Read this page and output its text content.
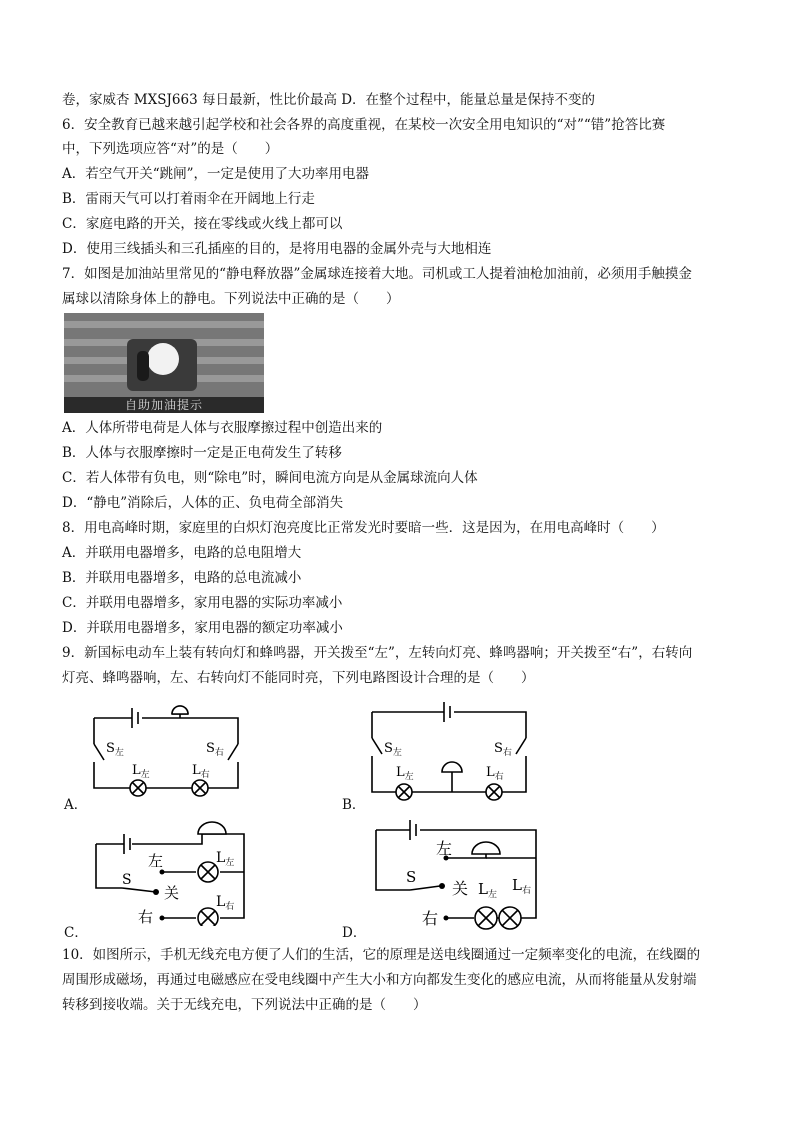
卷，家威杏 MXSJ663 每日最新，性比价最高 D．在整个过程中，能量总量是保持不变的
6．安全教育已越来越引起学校和社会各界的高度重视，在某校一次安全用电知识的“对”“错”抢答比赛
中，下列选项应答“对”的是（　　）
A．若空气开关“跳闸”，一定是使用了大功率用电器
B．雷雨天气可以打着雨伞在开阔地上行走
C．家庭电路的开关，接在零线或火线上都可以
D．使用三线插头和三孔插座的目的，是将用电器的金属外壳与大地相连
7．如图是加油站里常见的“静电释放器”金属球连接着大地。司机或工人提着油枪加油前，必须用手触摸金
属球以清除身体上的静电。下列说法中正确的是（　　）
自助加油提示
A．人体所带电荷是人体与衣服摩擦过程中创造出来的
B．人体与衣服摩擦时一定是正电荷发生了转移
C．若人体带有负电，则“除电”时，瞬间电流方向是从金属球流向人体
D．“静电”消除后，人体的正、负电荷全部消失
8．用电高峰时期，家庭里的白炽灯泡亮度比正常发光时要暗一些．这是因为，在用电高峰时（　　）
A．并联用电器增多，电路的总电阻增大
B．并联用电器增多，电路的总电流减小
C．并联用电器增多，家用电器的实际功率减小
D．并联用电器增多，家用电器的额定功率减小
9．新国标电动车上装有转向灯和蜂鸣器，开关拨至“左”，左转向灯亮、蜂鸣器响；开关拨至“右”，右转向
灯亮、蜂鸣器响，左、右转向灯不能同时亮，下列电路图设计合理的是（　　）
$S_左$	$S_右$
$L_左$	$L_右$
A．
$S_左$	$S_右$
$L_左$	$L_右$
B．
左
S
关
右
$L_左$
$L_右$
C．
左
S
关 $L_左$
$L_右$
右
D．
10．如图所示，手机无线充电方便了人们的生活，它的原理是送电线圈通过一定频率变化的电流，在线圈的
周围形成磁场，再通过电磁感应在受电线圈中产生大小和方向都发生变化的感应电流，从而将能量从发射端
转移到接收端。关于无线充电，下列说法中正确的是（　　）
